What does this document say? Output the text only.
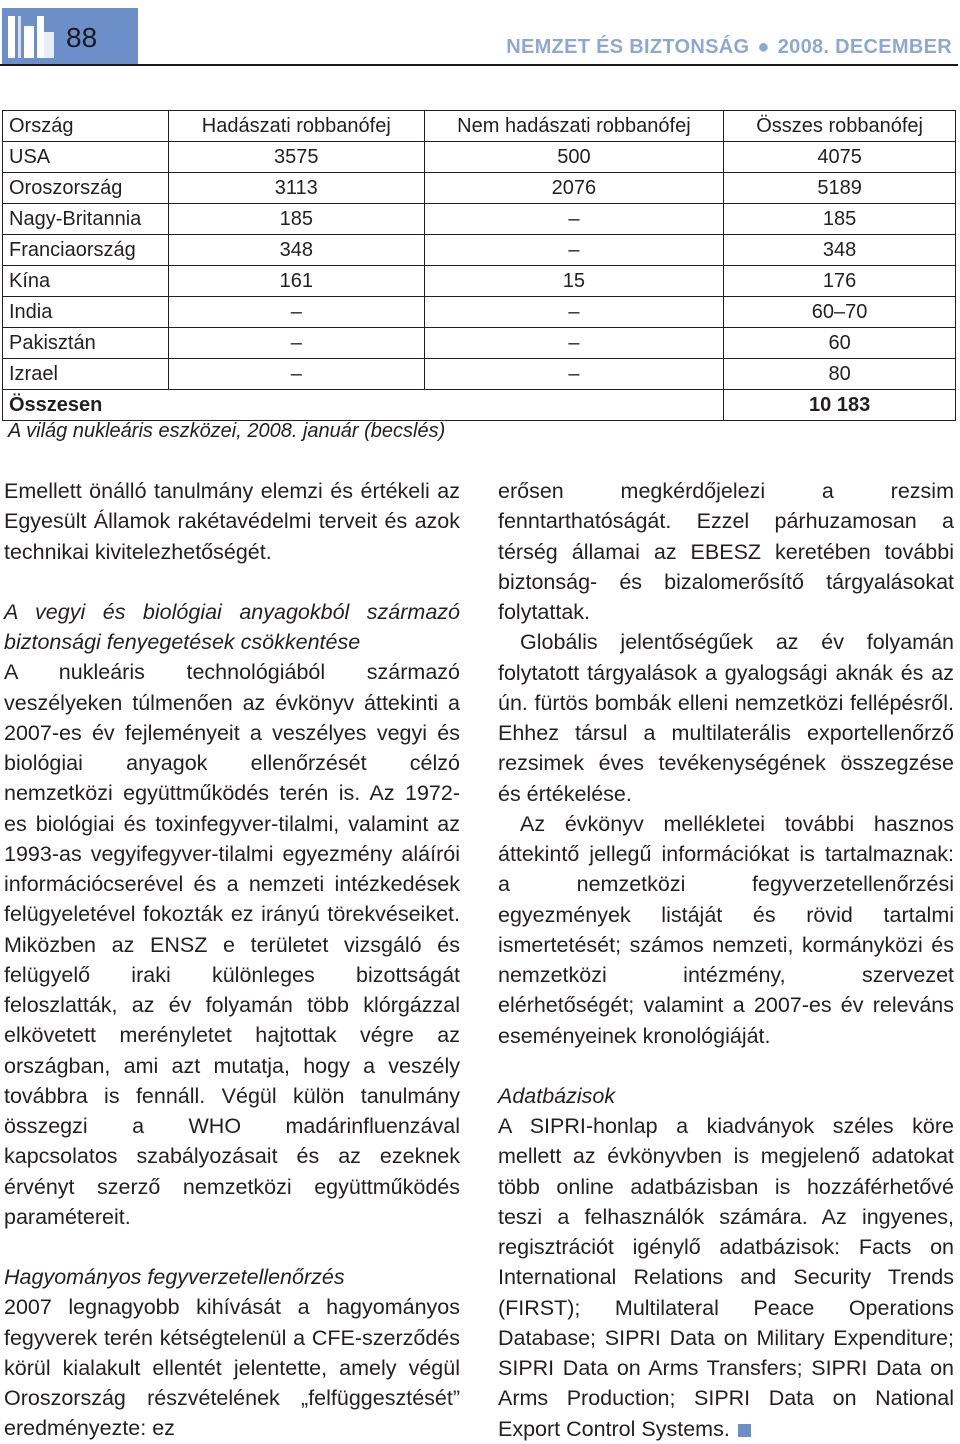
88	NEMZET ÉS BIZTONSÁG ● 2008. DECEMBER
Ország	Hadászati robbanófej	Nem hadászati robbanófej	Összes robbanófej
USA	3575	500	4075
Oroszország	3113	2076	5189
Nagy-Britannia	185	–	185
Franciaország	348	–	348
Kína	161	15	176
India	–	–	60–70
Pakisztán	–	–	60
Izrael	–	–	80
Összesen			10 183
A világ nukleáris eszközei, 2008. január (becslés)

Emellett önálló tanulmány elemzi és értékeli az Egyesült Államok rakétavédelmi terveit és azok technikai kivitelezhetőségét.

A vegyi és biológiai anyagokból származó biztonsági fenyegetések csökkentése

A nukleáris technológiából származó veszélyeken túlmenően az évkönyv áttekinti a 2007-es év fejleményeit a veszélyes vegyi és biológiai anyagok ellenőrzését célzó nemzetközi együttműködés terén is. Az 1972-es biológiai és toxinfegyver-tilalmi, valamint az 1993-as vegyifegyver-tilalmi egyezmény aláírói információcserével és a nemzeti intézkedések felügyeletével fokozták ez irányú törekvéseiket. Miközben az ENSZ e területet vizsgáló és felügyelő iraki különleges bizottságát feloszlatták, az év folyamán több klórgázzal elkövetett merényletet hajtottak végre az országban, ami azt mutatja, hogy a veszély továbbra is fennáll. Végül külön tanulmány összegzi a WHO madárinfluenzával kapcsolatos szabályozásait és az ezeknek érvényt szerző nemzetközi együttműködés paramétereit.

Hagyományos fegyverzetellenőrzés

2007 legnagyobb kihívását a hagyományos fegyverek terén kétségtelenül a CFE-szerződés körül kialakult ellentét jelentette, amely végül Oroszország részvételének „felfüggesztését” eredményezte: ez

erősen megkérdőjelezi a rezsim fenntarthatóságát. Ezzel párhuzamosan a térség államai az EBESZ keretében további biztonság- és bizalomerősítő tárgyalásokat folytattak.

Globális jelentőségűek az év folyamán folytatott tárgyalások a gyalogsági aknák és az ún. fürtös bombák elleni nemzetközi fellépésről. Ehhez társul a multilaterális exportellenőrző rezsimek éves tevékenységének összegzése és értékelése.

Az évkönyv mellékletei további hasznos áttekintő jellegű információkat is tartalmaznak: a nemzetközi fegyverzetellenőrzési egyezmények listáját és rövid tartalmi ismertetését; számos nemzeti, kormányközi és nemzetközi intézmény, szervezet elérhetőségét; valamint a 2007-es év releváns eseményeinek kronológiáját.

Adatbázisok

A SIPRI-honlap a kiadványok széles köre mellett az évkönyvben is megjelenő adatokat több online adatbázisban is hozzáférhetővé teszi a felhasználók számára. Az ingyenes, regisztrációt igénylő adatbázisok: Facts on International Relations and Security Trends (FIRST); Multilateral Peace Operations Database; SIPRI Data on Military Expenditure; SIPRI Data on Arms Transfers; SIPRI Data on Arms Production; SIPRI Data on National Export Control Systems.
